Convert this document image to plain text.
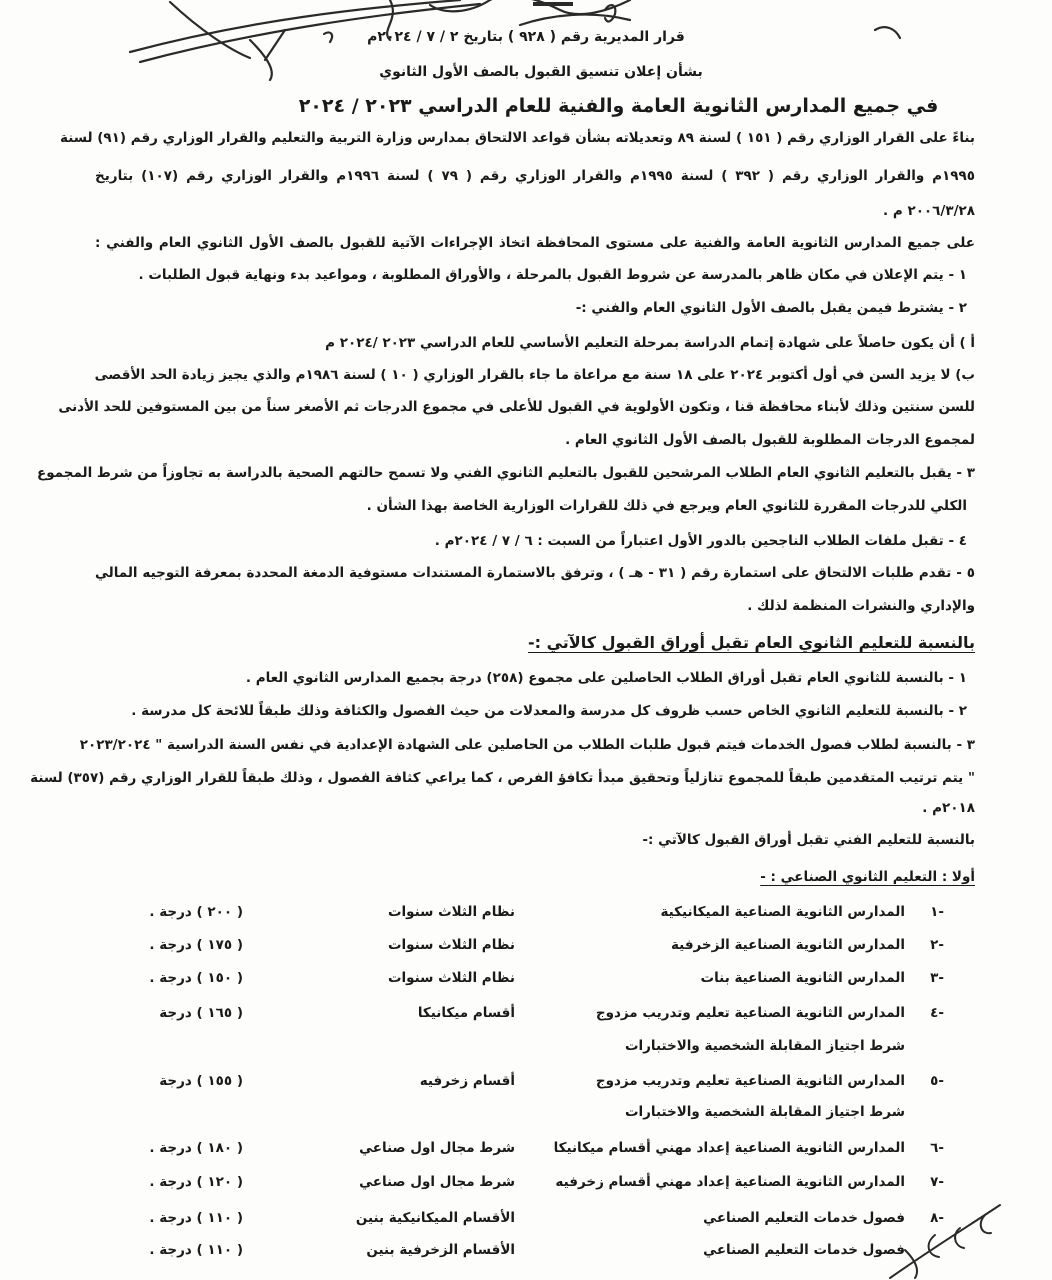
قرار المديرية رقم ( ٩٢٨ ) بتاريخ ٢ / ٧ / ٢٠٢٤م
بشأن إعلان تنسيق القبول بالصف الأول الثانوي
في جميع المدارس الثانوية العامة والفنية للعام الدراسي ٢٠٢٣ / ٢٠٢٤
بناءً على القرار الوزاري رقم ( ١٥١ ) لسنة ٨٩ وتعديلاته بشأن قواعد الالتحاق بمدارس وزارة التربية والتعليم والقرار الوزاري رقم (٩١) لسنة
١٩٩٥م والقرار الوزاري رقم ( ٣٩٢ ) لسنة ١٩٩٥م والقرار الوزاري رقم ( ٧٩ ) لسنة ١٩٩٦م والقرار الوزاري رقم (١٠٧) بتاريخ
٢٠٠٦/٣/٢٨ م .
على جميع المدارس الثانوية العامة والفنية على مستوى المحافظة اتخاذ الإجراءات الآتية للقبول بالصف الأول الثانوي العام والفني :
١ - يتم الإعلان في مكان ظاهر بالمدرسة عن شروط القبول بالمرحلة ، والأوراق المطلوبة ، ومواعيد بدء ونهاية قبول الطلبات .
٢ - يشترط فيمن يقبل بالصف الأول الثانوي العام والفني :-
أ ) أن يكون حاصلاً على شهادة إتمام الدراسة بمرحلة التعليم الأساسي للعام الدراسي ٢٠٢٣ /٢٠٢٤ م
ب) لا يزيد السن في أول أكتوبر ٢٠٢٤ على ١٨ سنة مع مراعاة ما جاء بالقرار الوزاري ( ١٠ ) لسنة ١٩٨٦م والذي يجيز زيادة الحد الأقصى
للسن سنتين وذلك لأبناء محافظة قنا ، وتكون الأولوية في القبول للأعلى في مجموع الدرجات ثم الأصغر سناً من بين المستوفين للحد الأدنى
لمجموع الدرجات المطلوبة للقبول بالصف الأول الثانوي العام .
٣ - يقبل بالتعليم الثانوي العام الطلاب المرشحين للقبول بالتعليم الثانوي الفني ولا تسمح حالتهم الصحية بالدراسة به تجاوزاً من شرط المجموع
الكلي للدرجات المقررة للثانوي العام ويرجع في ذلك للقرارات الوزارية الخاصة بهذا الشأن .
٤ - تقبل ملفات الطلاب الناجحين بالدور الأول اعتباراً من السبت : ٦ / ٧ / ٢٠٢٤م .
٥ - تقدم طلبات الالتحاق على استمارة رقم ( ٣١ - هـ ) ، وترفق بالاستمارة المستندات مستوفية الدمغة المحددة بمعرفة التوجيه المالي
والإداري والنشرات المنظمة لذلك .
بالنسبة للتعليم الثانوي العام تقبل أوراق القبول كالآتي :-
١ - بالنسبة للثانوي العام تقبل أوراق الطلاب الحاصلين على مجموع (٢٥٨) درجة بجميع المدارس الثانوي العام .
٢ - بالنسبة للتعليم الثانوي الخاص حسب ظروف كل مدرسة والمعدلات من حيث الفصول والكثافة وذلك طبقاً للائحة كل مدرسة .
٣ - بالنسبة لطلاب فصول الخدمات فيتم قبول طلبات الطلاب من الحاصلين على الشهادة الإعدادية في نفس السنة الدراسية " ٢٠٢٣/٢٠٢٤
" يتم ترتيب المتقدمين طبقاً للمجموع تنازلياً وتحقيق مبدأ تكافؤ الفرص ، كما يراعي كثافة الفصول ، وذلك طبقاً للقرار الوزاري رقم (٣٥٧) لسنة
٢٠١٨م .
بالنسبة للتعليم الفني تقبل أوراق القبول كالآتي :-
أولا : التعليم الثانوي الصناعي : -
-١
المدارس الثانوية الصناعية الميكانيكية
نظام الثلاث سنوات
( ٢٠٠ ) درجة .
-٢
المدارس الثانوية الصناعية الزخرفية
نظام الثلاث سنوات
( ١٧٥ ) درجة .
-٣
المدارس الثانوية الصناعية بنات
نظام الثلاث سنوات
( ١٥٠ ) درجة .
-٤
المدارس الثانوية الصناعية تعليم وتدريب مزدوج
أقسام ميكانيكا
( ١٦٥ ) درجة
شرط اجتياز المقابلة الشخصية والاختبارات
-٥
المدارس الثانوية الصناعية تعليم وتدريب مزدوج
أقسام زخرفيه
( ١٥٥ ) درجة
شرط اجتياز المقابلة الشخصية والاختبارات
-٦
المدارس الثانوية الصناعية إعداد مهني أقسام ميكانيكا
شرط مجال اول صناعي
( ١٨٠ ) درجة .
-٧
المدارس الثانوية الصناعية إعداد مهني أقسام زخرفيه
شرط مجال اول صناعي
( ١٢٠ ) درجة .
-٨
فصول خدمات التعليم الصناعي
الأقسام الميكانيكية بنين
( ١١٠ ) درجة .
فصول خدمات التعليم الصناعي
الأقسام الزخرفية بنين
( ١١٠ ) درجة .
